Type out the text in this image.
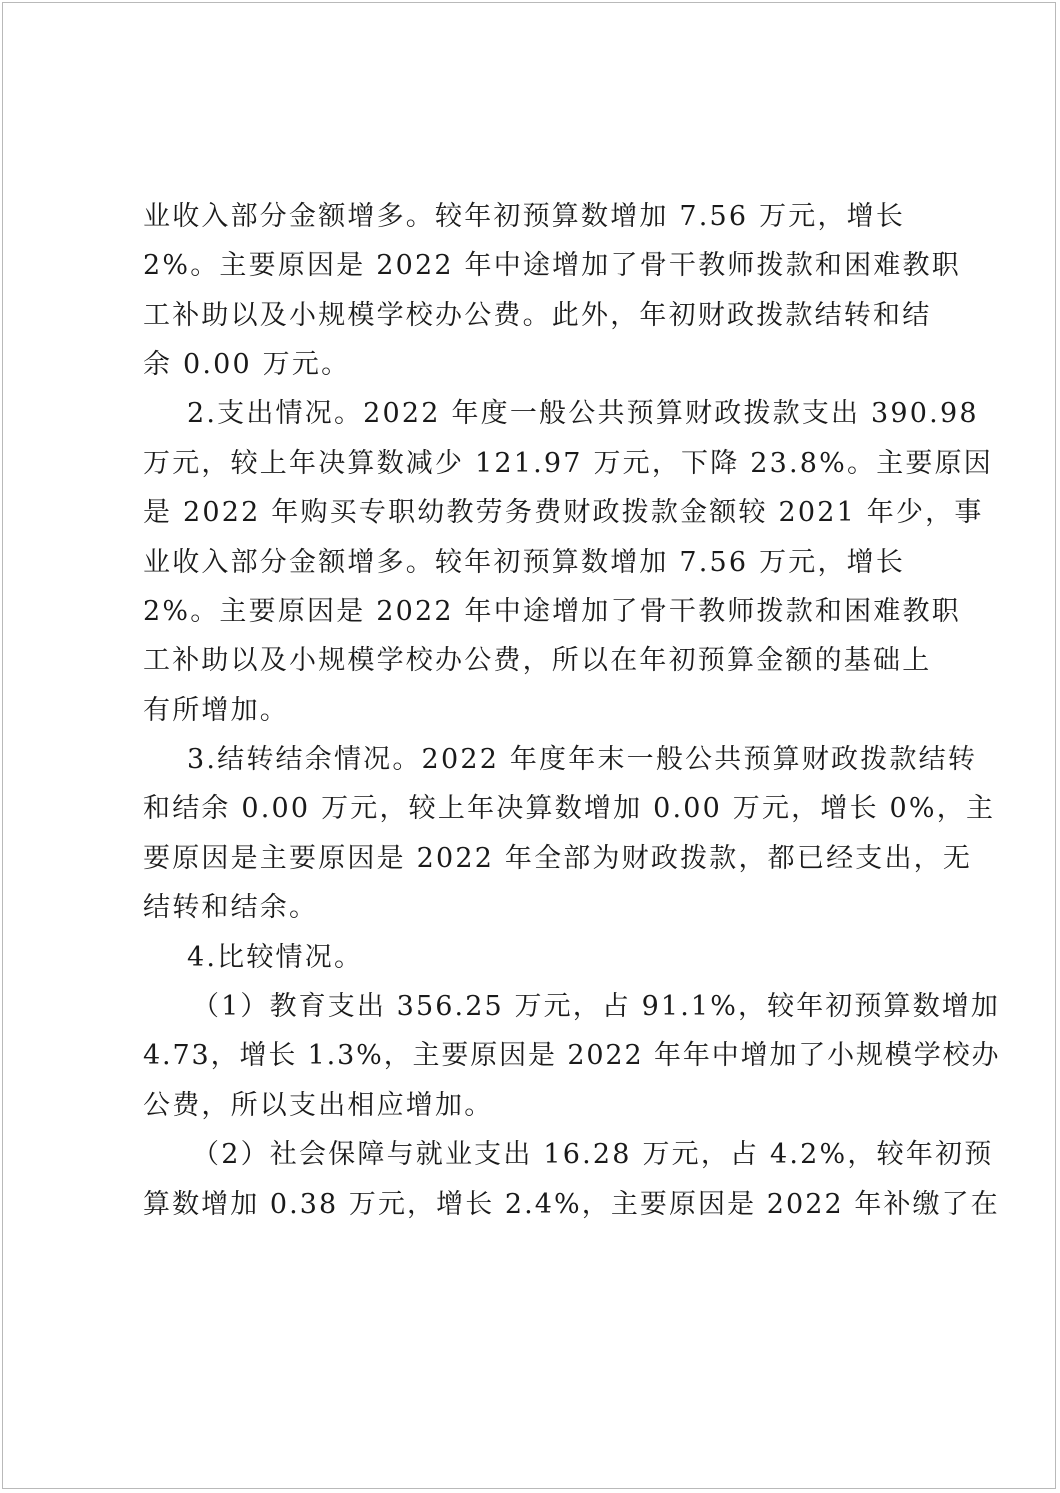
业收入部分金额增多。较年初预算数增加 7.56 万元，增长
2%。主要原因是 2022 年中途增加了骨干教师拨款和困难教职
工补助以及小规模学校办公费。此外，年初财政拨款结转和结
余 0.00 万元。
2.支出情况。2022 年度一般公共预算财政拨款支出 390.98
万元，较上年决算数减少 121.97 万元，下降 23.8%。主要原因
是 2022 年购买专职幼教劳务费财政拨款金额较 2021 年少，事
业收入部分金额增多。较年初预算数增加 7.56 万元，增长
2%。主要原因是 2022 年中途增加了骨干教师拨款和困难教职
工补助以及小规模学校办公费，所以在年初预算金额的基础上
有所增加。
3.结转结余情况。2022 年度年末一般公共预算财政拨款结转
和结余 0.00 万元，较上年决算数增加 0.00 万元，增长 0%，主
要原因是主要原因是 2022 年全部为财政拨款，都已经支出，无
结转和结余。
4.比较情况。
（1）教育支出 356.25 万元，占 91.1%，较年初预算数增加
4.73，增长 1.3%，主要原因是 2022 年年中增加了小规模学校办
公费，所以支出相应增加。
（2）社会保障与就业支出 16.28 万元，占 4.2%，较年初预
算数增加 0.38 万元，增长 2.4%，主要原因是 2022 年补缴了在
